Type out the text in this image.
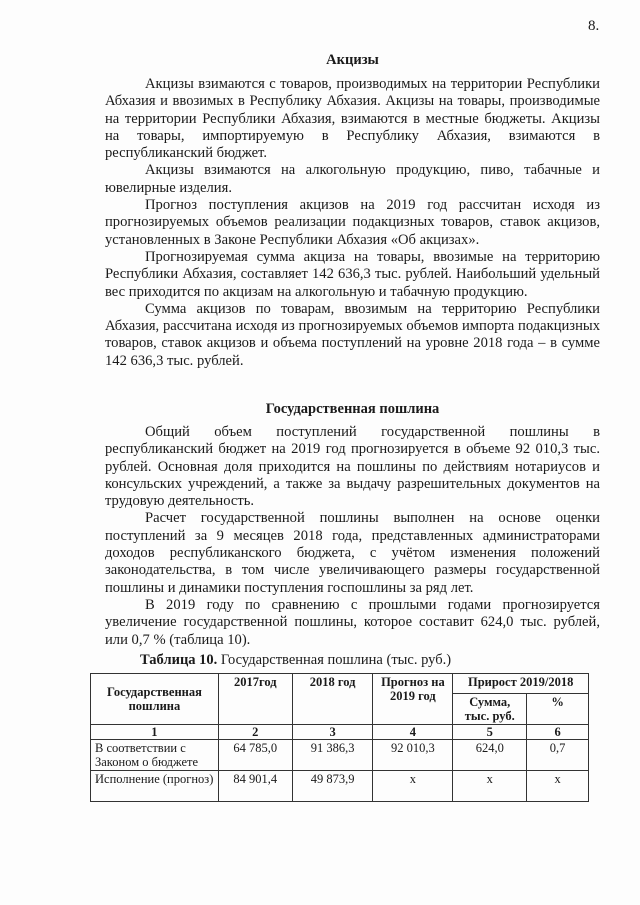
8.
Акцизы
Акцизы взимаются с товаров, производимых на территории Республики Абхазия и ввозимых в Республику Абхазия. Акцизы на товары, производимые на территории Республики Абхазия, взимаются в местные бюджеты. Акцизы на товары, импортируемую в Республику Абхазия, взимаются в республиканский бюджет.
Акцизы взимаются на алкогольную продукцию, пиво, табачные и ювелирные изделия.
Прогноз поступления акцизов на 2019 год рассчитан исходя из прогнозируемых объемов реализации подакцизных товаров, ставок акцизов, установленных в Законе Республики Абхазия «Об акцизах».
Прогнозируемая сумма акциза на товары, ввозимые на территорию Республики Абхазия, составляет 142 636,3 тыс. рублей. Наибольший удельный вес приходится по акцизам на алкогольную и табачную продукцию.
Сумма акцизов по товарам, ввозимым на территорию Республики Абхазия, рассчитана исходя из прогнозируемых объемов импорта подакцизных товаров, ставок акцизов и объема поступлений на уровне 2018 года – в сумме 142 636,3 тыс. рублей.
Государственная пошлина
Общий объем поступлений государственной пошлины в республиканский бюджет на 2019 год прогнозируется в объеме 92 010,3 тыс. рублей. Основная доля приходится на пошлины по действиям нотариусов и консульских учреждений, а также за выдачу разрешительных документов на трудовую деятельность.
Расчет государственной пошлины выполнен на основе оценки поступлений за 9 месяцев 2018 года, представленных администраторами доходов республиканского бюджета, с учётом изменения положений законодательства, в том числе увеличивающего размеры государственной пошлины и динамики поступления госпошлины за ряд лет.
В 2019 году по сравнению с прошлыми годами прогнозируется увеличение государственной пошлины, которое составит 624,0 тыс. рублей, или 0,7 % (таблица 10).
Таблица 10. Государственная пошлина (тыс. руб.)
Государственная пошлина	2017год	2018 год	Прогноз на 2019 год	Прирост 2019/2018	
				Сумма, тыс. руб.	%
1	2	3	4	5	6
В соответствии с Законом о бюджете	64 785,0	91 386,3	92 010,3	624,0	0,7
Исполнение (прогноз)	84 901,4	49 873,9	x	x	x
